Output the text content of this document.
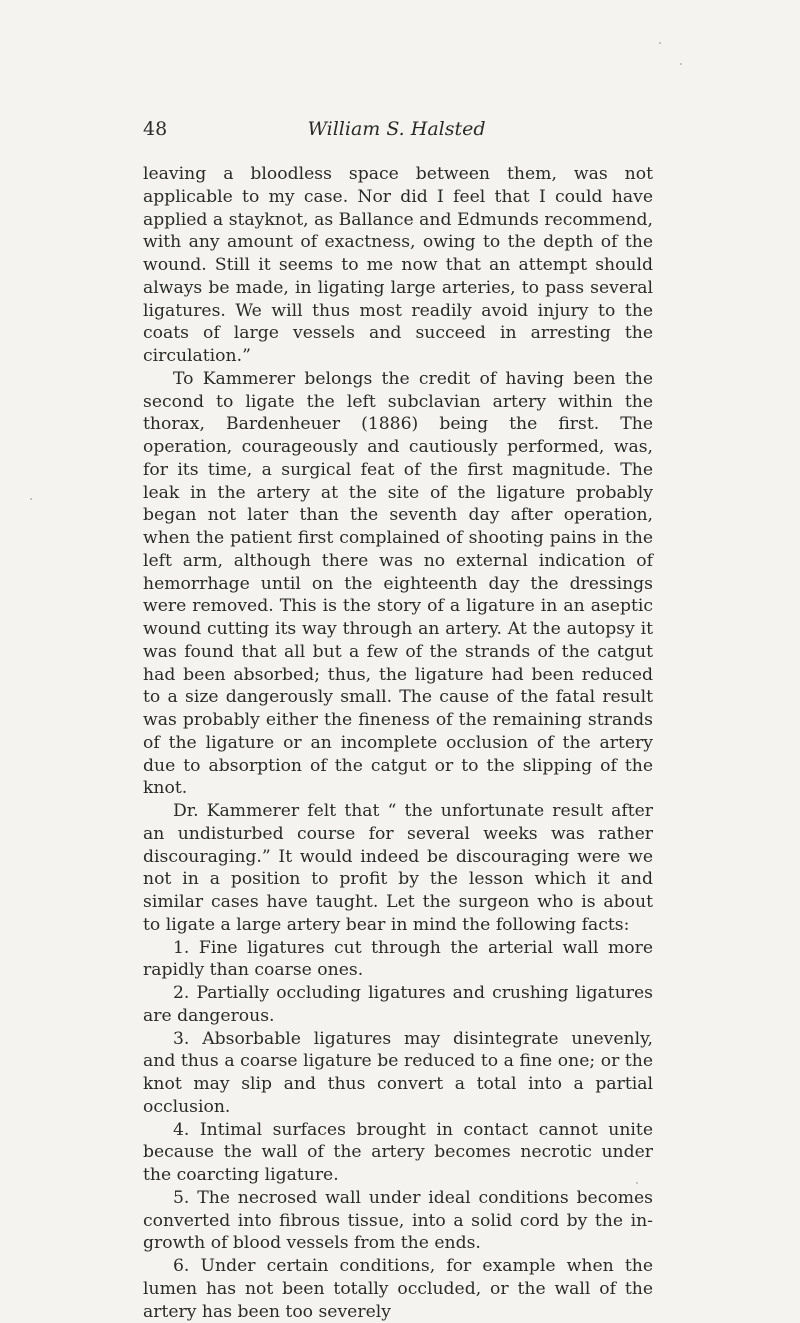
48	William S. Halsted

leaving a bloodless space between them, was not applicable to my case. Nor did I feel that I could have applied a stayknot, as Ballance and Edmunds recommend, with any amount of exactness, owing to the depth of the wound. Still it seems to me now that an attempt should always be made, in ligating large arteries, to pass several ligatures. We will thus most readily avoid injury to the coats of large vessels and succeed in arresting the circulation.”

To Kammerer belongs the credit of having been the second to ligate the left subclavian artery within the thorax, Bardenheuer (1886) being the first. The operation, courageously and cautiously performed, was, for its time, a surgical feat of the first magnitude. The leak in the artery at the site of the ligature probably began not later than the seventh day after operation, when the patient first complained of shooting pains in the left arm, although there was no external indication of hemorrhage until on the eighteenth day the dressings were removed. This is the story of a ligature in an aseptic wound cutting its way through an artery. At the autopsy it was found that all but a few of the strands of the catgut had been absorbed; thus, the ligature had been reduced to a size dangerously small. The cause of the fatal result was probably either the fineness of the remaining strands of the ligature or an incomplete occlusion of the artery due to absorption of the catgut or to the slipping of the knot.

Dr. Kammerer felt that “ the unfortunate result after an undisturbed course for several weeks was rather discouraging.” It would indeed be discouraging were we not in a position to profit by the lesson which it and similar cases have taught. Let the surgeon who is about to ligate a large artery bear in mind the following facts:

1. Fine ligatures cut through the arterial wall more rapidly than coarse ones.

2. Partially occluding ligatures and crushing ligatures are dangerous.

3. Absorbable ligatures may disintegrate unevenly, and thus a coarse ligature be reduced to a fine one; or the knot may slip and thus convert a total into a partial occlusion.

4. Intimal surfaces brought in contact cannot unite because the wall of the artery becomes necrotic under the coarcting ligature.

5. The necrosed wall under ideal conditions becomes converted into fibrous tissue, into a solid cord by the in-growth of blood vessels from the ends.

6. Under certain conditions, for example when the lumen has not been totally occluded, or the wall of the artery has been too severely
